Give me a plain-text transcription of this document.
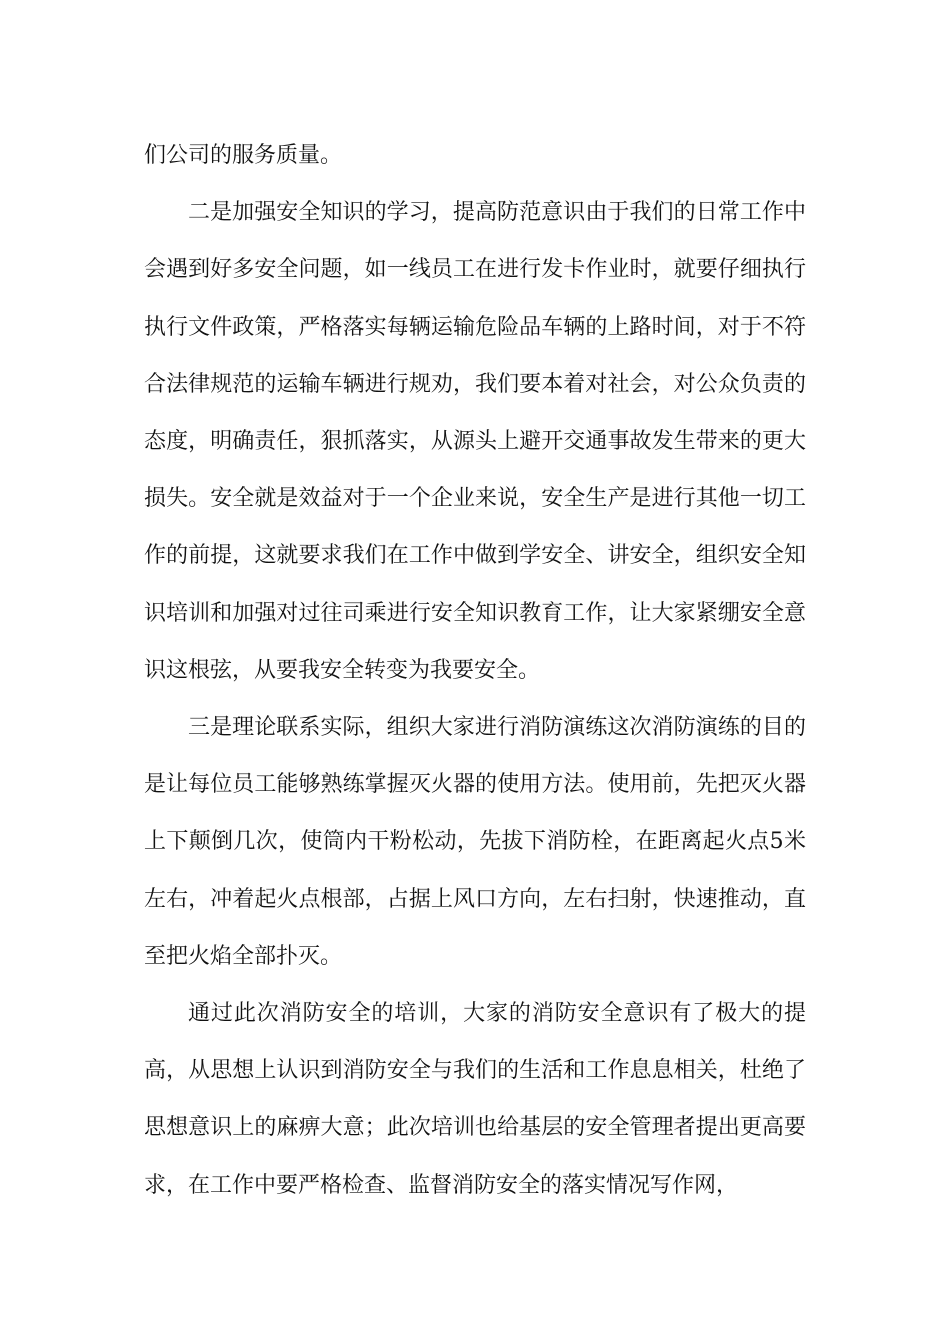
们公司的服务质量。

二是加强安全知识的学习，提高防范意识由于我们的日常工作中会遇到好多安全问题，如一线员工在进行发卡作业时，就要仔细执行执行文件政策，严格落实每辆运输危险品车辆的上路时间，对于不符合法律规范的运输车辆进行规劝，我们要本着对社会，对公众负责的态度，明确责任，狠抓落实，从源头上避开交通事故发生带来的更大损失。安全就是效益对于一个企业来说，安全生产是进行其他一切工作的前提，这就要求我们在工作中做到学安全、讲安全，组织安全知识培训和加强对过往司乘进行安全知识教育工作，让大家紧绷安全意识这根弦，从要我安全转变为我要安全。

三是理论联系实际，组织大家进行消防演练这次消防演练的目的是让每位员工能够熟练掌握灭火器的使用方法。使用前，先把灭火器上下颠倒几次，使筒内干粉松动，先拔下消防栓，在距离起火点5米左右，冲着起火点根部，占据上风口方向，左右扫射，快速推动，直至把火焰全部扑灭。

通过此次消防安全的培训，大家的消防安全意识有了极大的提高，从思想上认识到消防安全与我们的生活和工作息息相关，杜绝了思想意识上的麻痹大意；此次培训也给基层的安全管理者提出更高要求，在工作中要严格检查、监督消防安全的落实情况写作网，
